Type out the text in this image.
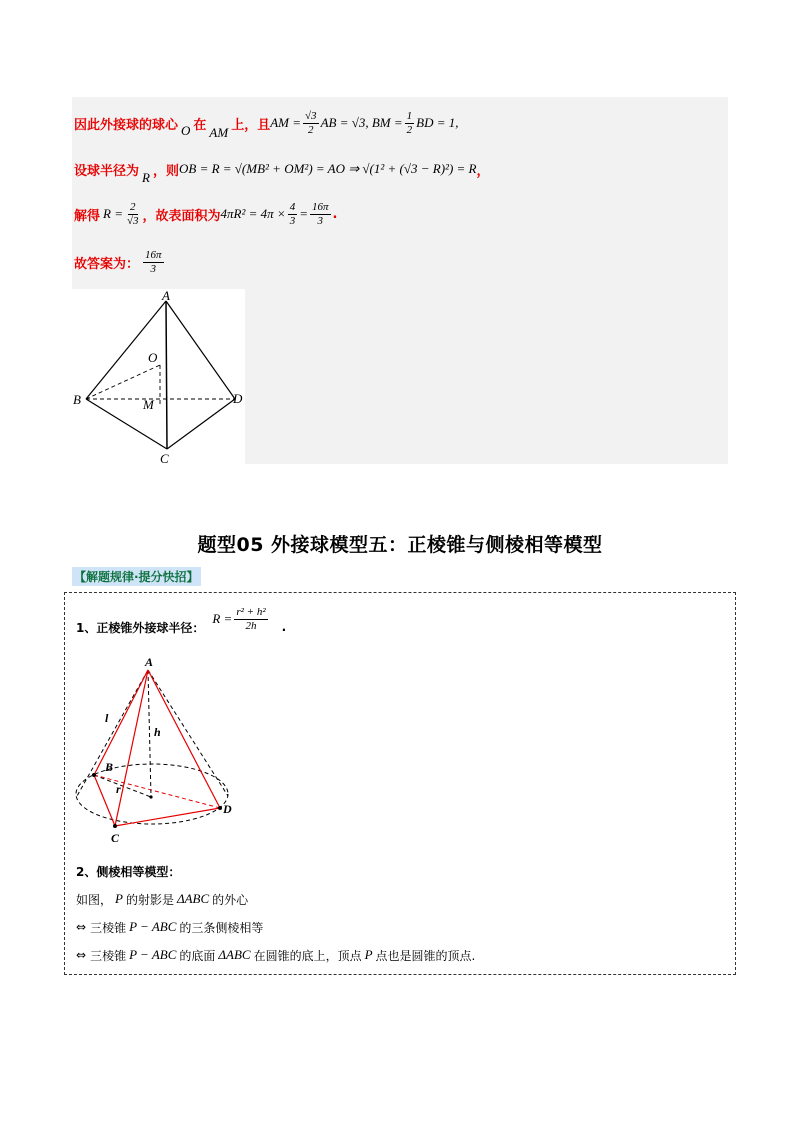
因此外接球的球心 O 在 AM 上，且 AM = $\frac{√3}{2}$ AB = √3, BM = $\frac{1}{2}$ BD = 1,
设球半径为 R ，则 OB = R = √(MB² + OM²) = AO ⇒ √(1² + (√3 − R)²) = R ，
解得 $R = \frac{2}{√3}$ ，故表面积为 $4\pi R^2 = 4\pi \times \frac{4}{3} = \frac{16\pi}{3}$ .
故答案为： $\frac{16\pi}{3}$
A
B
C
D
O
M
题型05 外接球模型五：正棱锥与侧棱相等模型
【解题规律·提分快招】
1、正棱锥外接球半径：
$R = \frac{\text{r² + h²}}{2h}$ .
A
B
C
D
l
h
r
2、侧棱相等模型：
如图， P 的射影是 ΔABC 的外心
⇔ 三棱锥 P − ABC 的三条侧棱相等
⇔ 三棱锥 P − ABC 的底面 ΔABC 在圆锥的底上，顶点 P 点也是圆锥的顶点.
